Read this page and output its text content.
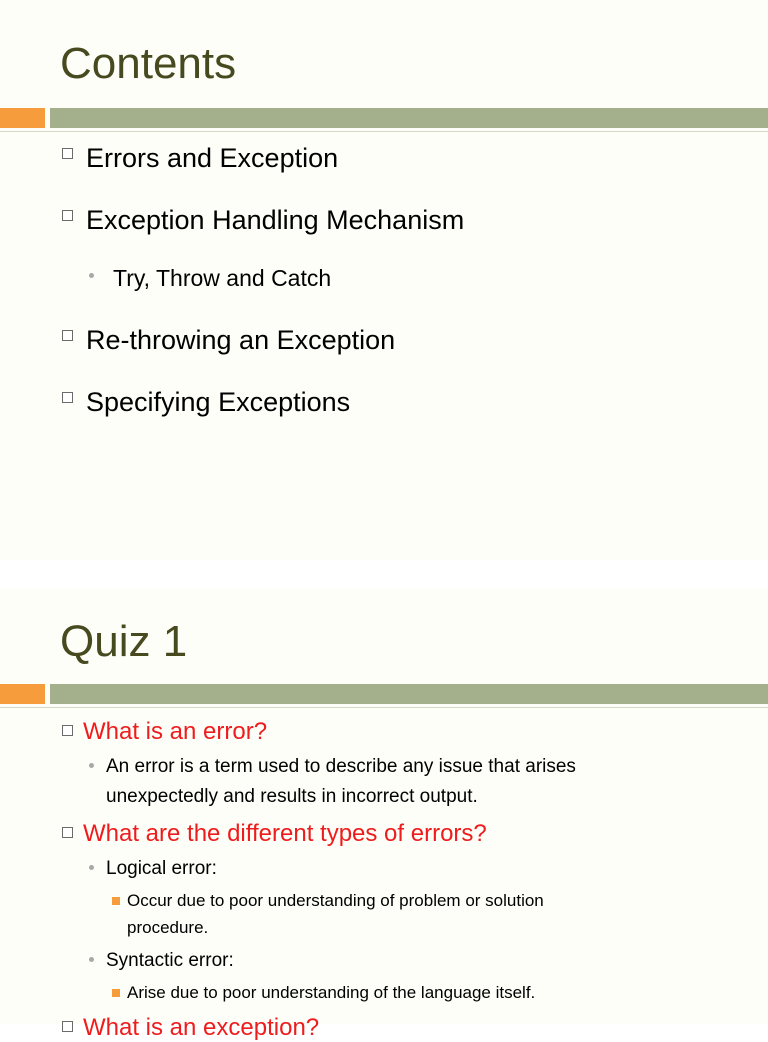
Contents
Errors and Exception
Exception Handling Mechanism
Try, Throw and Catch
Re-throwing an Exception
Specifying Exceptions
Quiz 1
What is an error?
An error is a term used to describe any issue that arises
unexpectedly and results in incorrect output.
What are the different types of errors?
Logical error:
Occur due to poor understanding of problem or solution
procedure.
Syntactic error:
Arise due to poor understanding of the language itself.
What is an exception?
